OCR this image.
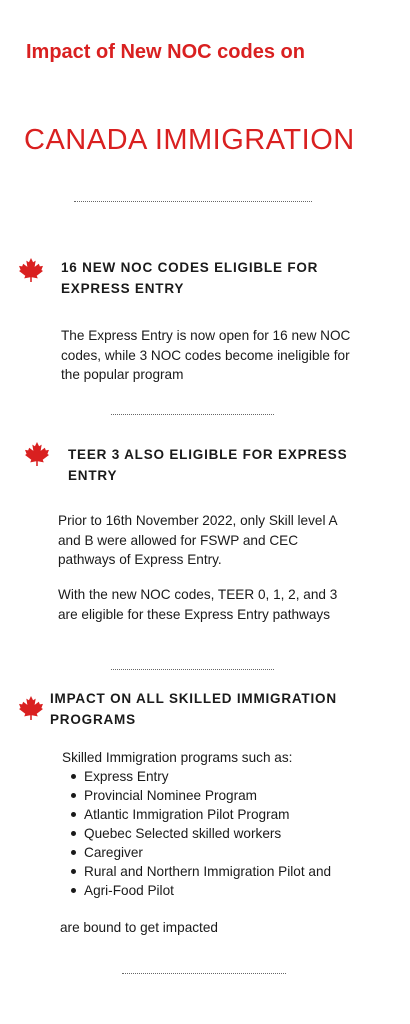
Impact of New NOC codes on
CANADA IMMIGRATION
16 NEW NOC CODES ELIGIBLE FOR EXPRESS ENTRY
The Express Entry is now open for 16 new NOC codes, while 3 NOC codes become ineligible for the popular program
TEER 3 ALSO ELIGIBLE FOR EXPRESS ENTRY
Prior to 16th November 2022, only Skill level A and B were allowed for FSWP and CEC pathways of Express Entry.
With the new NOC codes, TEER 0, 1, 2, and 3 are eligible for these Express Entry pathways
IMPACT ON ALL SKILLED IMMIGRATION PROGRAMS
Skilled Immigration programs such as:
Express Entry
Provincial Nominee Program
Atlantic Immigration Pilot Program
Quebec Selected skilled workers
Caregiver
Rural and Northern Immigration Pilot and
Agri-Food Pilot
are bound to get impacted
